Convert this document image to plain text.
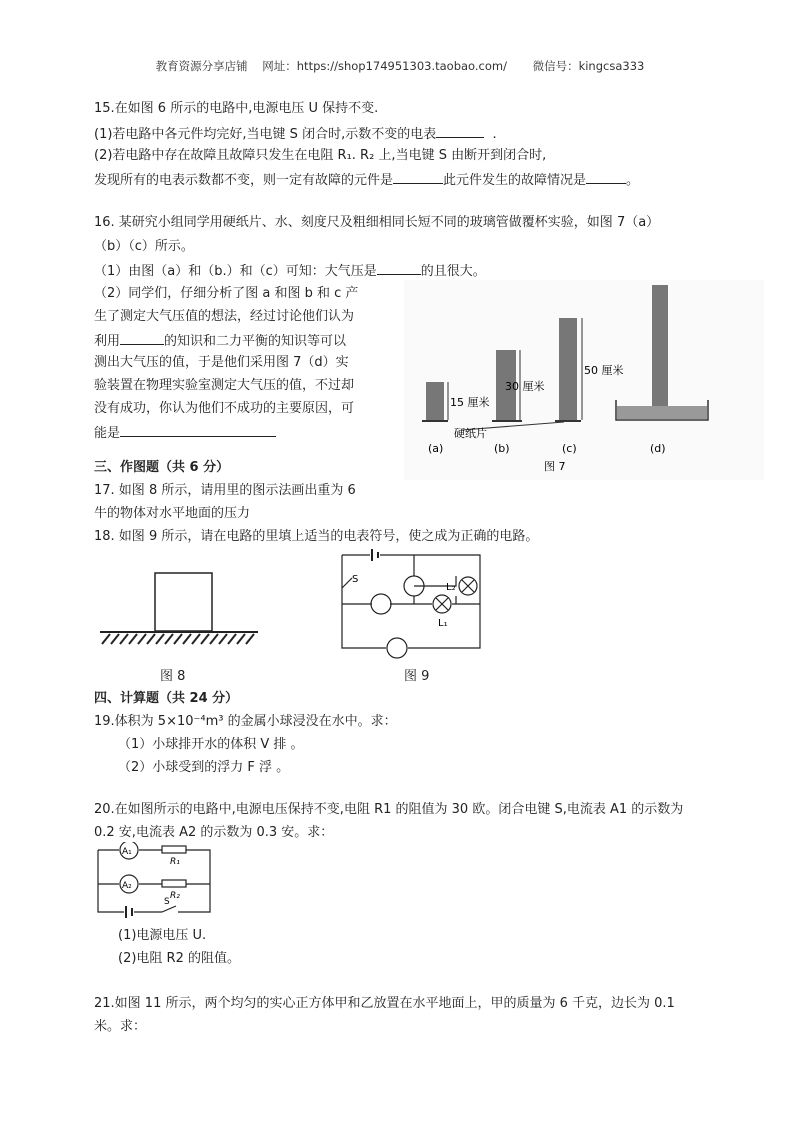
教育资源分享店铺 网址：https://shop174951303.taobao.com/ 微信号：kingcsa333
15.在如图 6 所示的电路中,电源电压 U 保持不变.
(1)若电路中各元件均完好,当电键 S 闭合时,示数不变的电表	.
(2)若电路中存在故障且故障只发生在电阻 R₁. R₂ 上,当电键 S 由断开到闭合时,
发现所有的电表示数都不变，则一定有故障的元件是	此元件发生的故障情况是	。
16. 某研究小组同学用硬纸片、水、刻度尺及粗细相同长短不同的玻璃管做覆杯实验，如图 7（a）
（b）（c）所示。
（1）由图（a）和（b.）和（c）可知：大气压是	的且很大。
（2）同学们，仔细分析了图 a 和图 b 和 c 产
生了测定大气压值的想法，经过讨论他们认为
利用	的知识和二力平衡的知识等可以
测出大气压的值，于是他们采用图 7（d）实
验装置在物理实验室测定大气压的值，不过却
没有成功，你认为他们不成功的主要原因，可
能是
15 厘米
30 厘米
50 厘米
硬纸片
(a)	(b)	(c)	(d)
图 7
三、作图题（共 6 分）
17. 如图 8 所示，请用里的图示法画出重为 6
牛的物体对水平地面的压力
18. 如图 9 所示，请在电路的里填上适当的电表符号，使之成为正确的电路。
图 8
S
L₂
L₁
图 9
四、计算题（共 24 分）
19.体积为 5×10⁻⁴m³ 的金属小球浸没在水中。求：
（1）小球排开水的体积 V 排 。
（2）小球受到的浮力 F 浮 。
20.在如图所示的电路中,电源电压保持不变,电阻 R1 的阻值为 30 欧。闭合电键 S,电流表 A1 的示数为
0.2 安,电流表 A2 的示数为 0.3 安。求：
A₁
A₂
R₁
R₂
S
(1)电源电压 U.
(2)电阻 R2 的阻值。
21.如图 11 所示，两个均匀的实心正方体甲和乙放置在水平地面上，甲的质量为 6 千克，边长为 0.1
米。求：
